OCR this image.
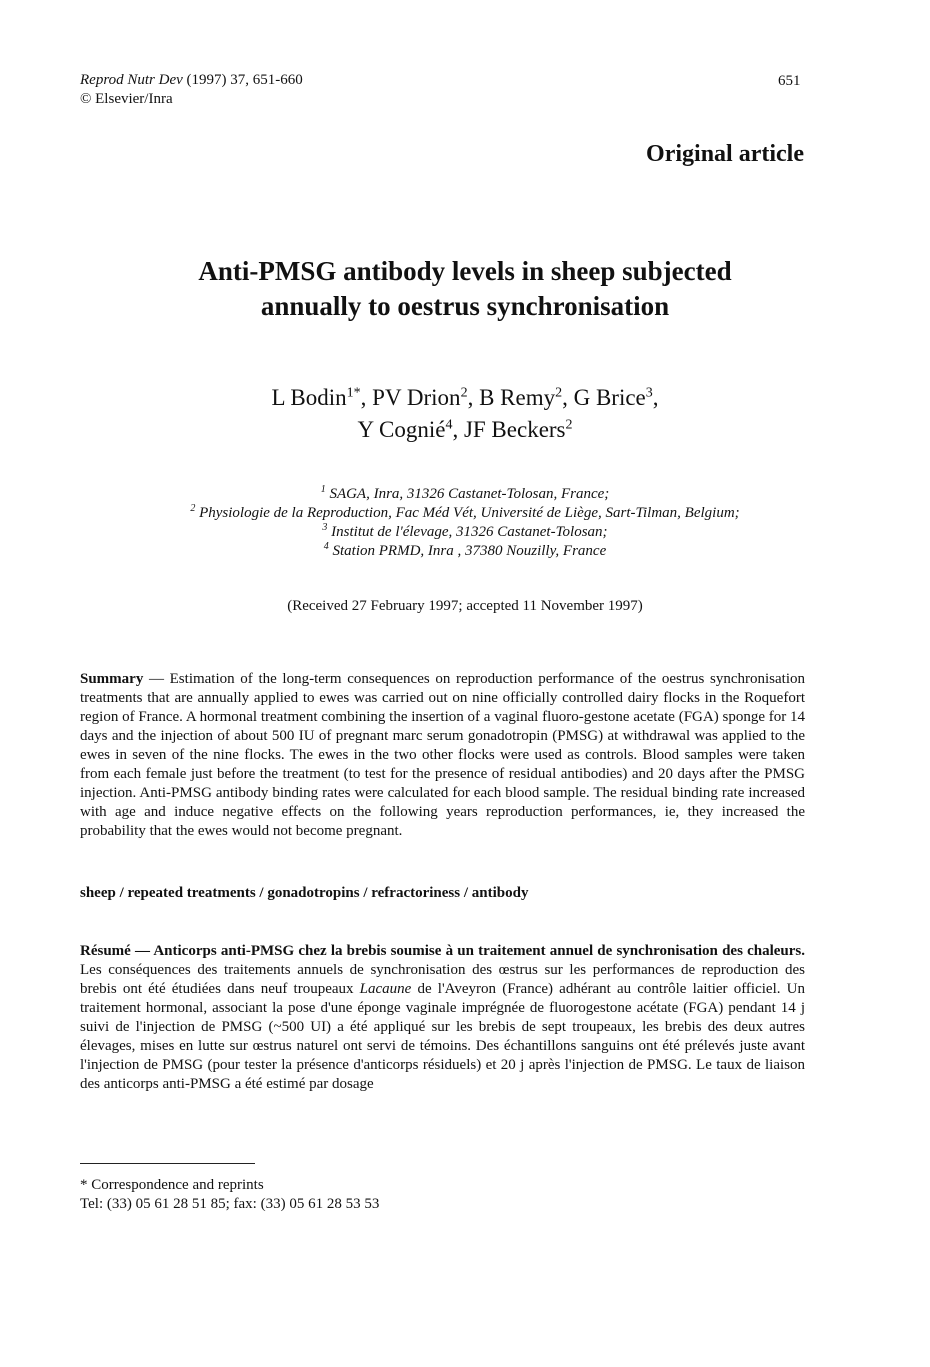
Reprod Nutr Dev (1997) 37, 651-660
© Elsevier/Inra
651
Original article
Anti-PMSG antibody levels in sheep subjected
annually to oestrus synchronisation
L Bodin$^{1*}$, PV Drion$^2$, B Remy$^2$, G Brice$^3$,
Y Cognié$^4$, JF Beckers$^2$
$^1$ SAGA, Inra, 31326 Castanet-Tolosan, France;
$^2$ Physiologie de la Reproduction, Fac Méd Vét, Université de Liège, Sart-Tilman, Belgium;
$^3$ Institut de l'élevage, 31326 Castanet-Tolosan;
$^4$ Station PRMD, Inra , 37380 Nouzilly, France
(Received 27 February 1997; accepted 11 November 1997)
Summary — Estimation of the long-term consequences on reproduction performance of the oestrus synchronisation treatments that are annually applied to ewes was carried out on nine officially controlled dairy flocks in the Roquefort region of France. A hormonal treatment combining the insertion of a vaginal fluoro-gestone acetate (FGA) sponge for 14 days and the injection of about 500 IU of pregnant marc serum gonadotropin (PMSG) at withdrawal was applied to the ewes in seven of the nine flocks. The ewes in the two other flocks were used as controls. Blood samples were taken from each female just before the treatment (to test for the presence of residual antibodies) and 20 days after the PMSG injection. Anti-PMSG antibody binding rates were calculated for each blood sample. The residual binding rate increased with age and induce negative effects on the following years reproduction performances, ie, they increased the probability that the ewes would not become pregnant.
sheep / repeated treatments / gonadotropins / refractoriness / antibody
Résumé — Anticorps anti-PMSG chez la brebis soumise à un traitement annuel de synchronisation des chaleurs. Les conséquences des traitements annuels de synchronisation des œstrus sur les performances de reproduction des brebis ont été étudiées dans neuf troupeaux Lacaune de l'Aveyron (France) adhérant au contrôle laitier officiel. Un traitement hormonal, associant la pose d'une éponge vaginale imprégnée de fluorogestone acétate (FGA) pendant 14 j suivi de l'injection de PMSG (~500 UI) a été appliqué sur les brebis de sept troupeaux, les brebis des deux autres élevages, mises en lutte sur œstrus naturel ont servi de témoins. Des échantillons sanguins ont été prélevés juste avant l'injection de PMSG (pour tester la présence d'anticorps résiduels) et 20 j après l'injection de PMSG. Le taux de liaison des anticorps anti-PMSG a été estimé par dosage
* Correspondence and reprints
Tel: (33) 05 61 28 51 85; fax: (33) 05 61 28 53 53
